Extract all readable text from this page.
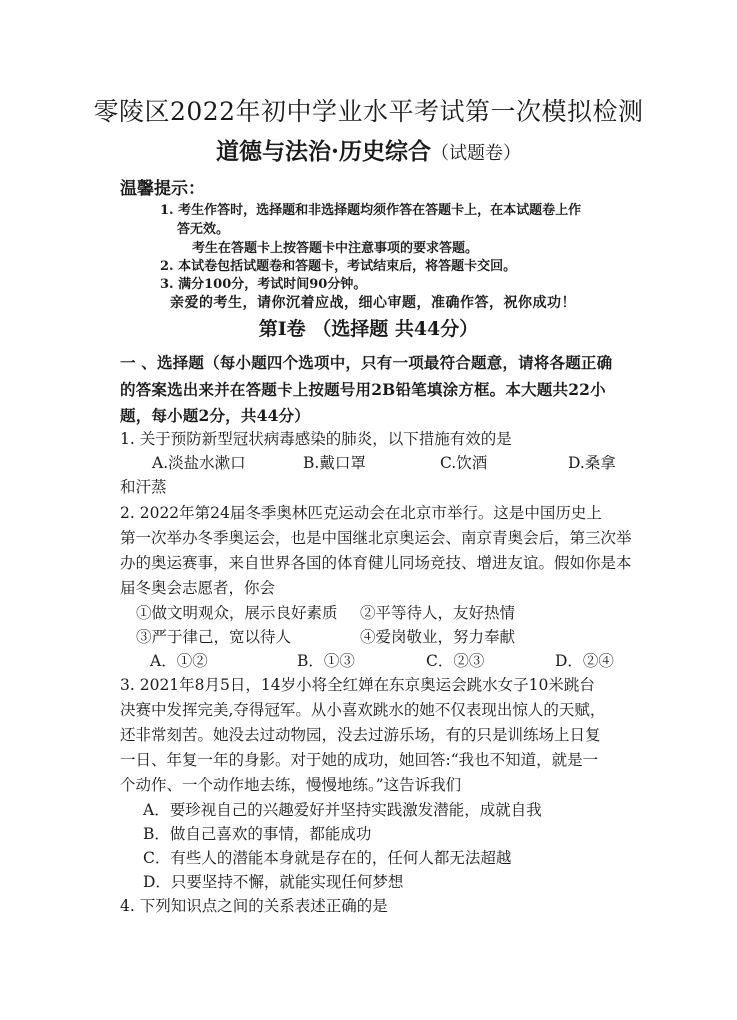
零陵区2022年初中学业水平考试第一次模拟检测
道德与法治·历史综合（试题卷）
温馨提示：
1. 考生作答时，选择题和非选择题均须作答在答题卡上，在本试题卷上作
答无效。
考生在答题卡上按答题卡中注意事项的要求答题。
2. 本试卷包括试题卷和答题卡，考试结束后，将答题卡交回。
3. 满分100分，考试时间90分钟。
亲爱的考生，请你沉着应战，细心审题，准确作答，祝你成功！
第Ⅰ卷 （选择题 共44分）
一 、选择题（每小题四个选项中，只有一项最符合题意，请将各题正确的答案选出来并在答题卡上按题号用2B铅笔填涂方框。本大题共22小题，每小题2分，共44分）
1. 关于预防新型冠状病毒感染的肺炎，以下措施有效的是
A.淡盐水漱口	B.戴口罩	C.饮酒	D.桑拿
和汗蒸
2. 2022年第24届冬季奥林匹克运动会在北京市举行。这是中国历史上
第一次举办冬季奥运会，也是中国继北京奥运会、南京青奥会后，第三次举
办的奥运赛事，来自世界各国的体育健儿同场竞技、增进友谊。假如你是本
届冬奥会志愿者，你会
①做文明观众，展示良好素质 ②平等待人，友好热情
③严于律己，宽以待人	④爱岗敬业，努力奉献
A．①②	B．①③	C．②③	D．②④
3. 2021年8月5日，14岁小将全红婵在东京奥运会跳水女子10米跳台
决赛中发挥完美,夺得冠军。从小喜欢跳水的她不仅表现出惊人的天赋，
还非常刻苦。她没去过动物园，没去过游乐场，有的只是训练场上日复
一日、年复一年的身影。对于她的成功，她回答:“我也不知道，就是一
个动作、一个动作地去练，慢慢地练。”这告诉我们
A．要珍视自己的兴趣爱好并坚持实践激发潜能，成就自我
B．做自己喜欢的事情，都能成功
C．有些人的潜能本身就是存在的，任何人都无法超越
D．只要坚持不懈，就能实现任何梦想
4. 下列知识点之间的关系表述正确的是
